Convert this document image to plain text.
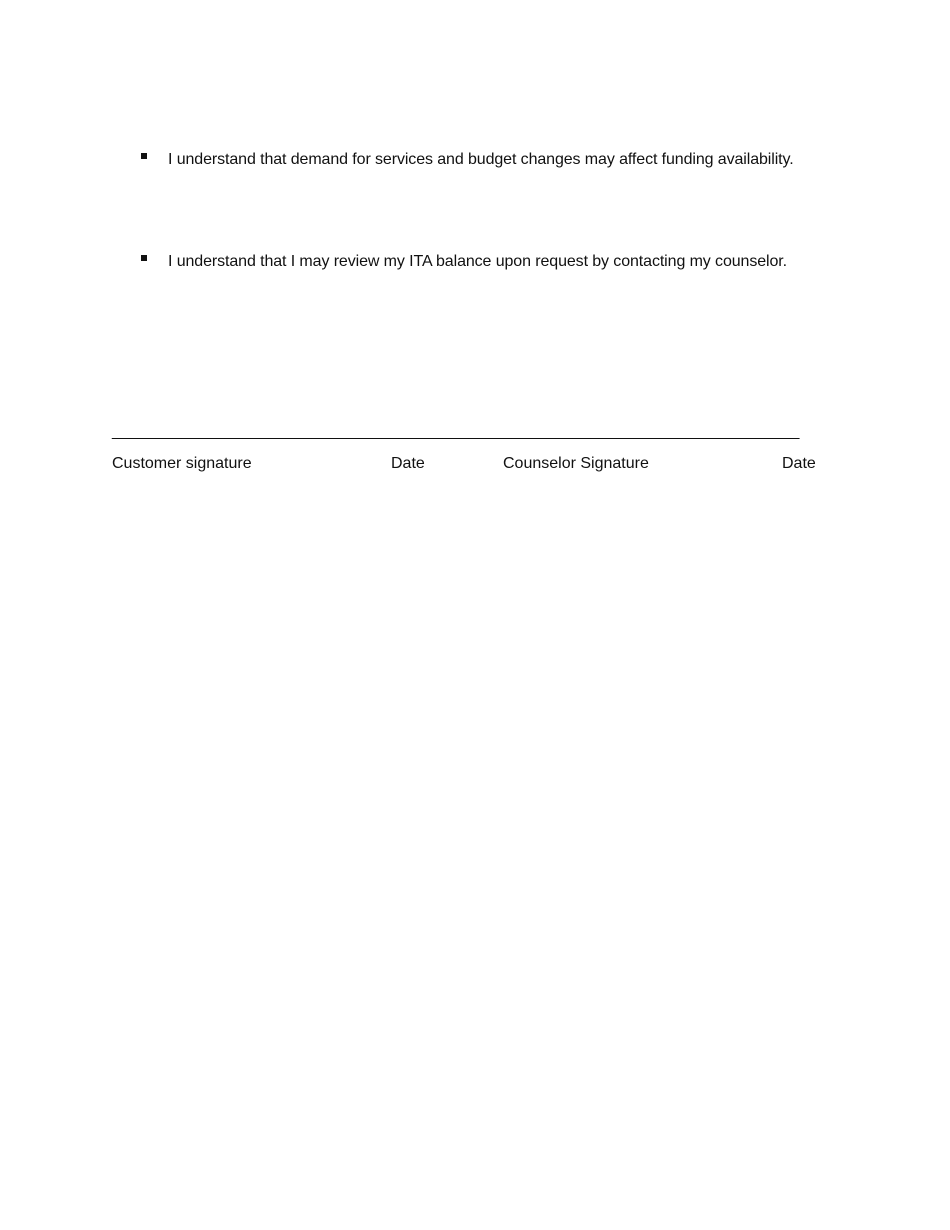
I understand that demand for services and budget changes may affect funding availability.
I understand that I may review my ITA balance upon request by contacting my counselor.
_______________________________________________________________________________
Customer signature	Date	Counselor Signature	Date
